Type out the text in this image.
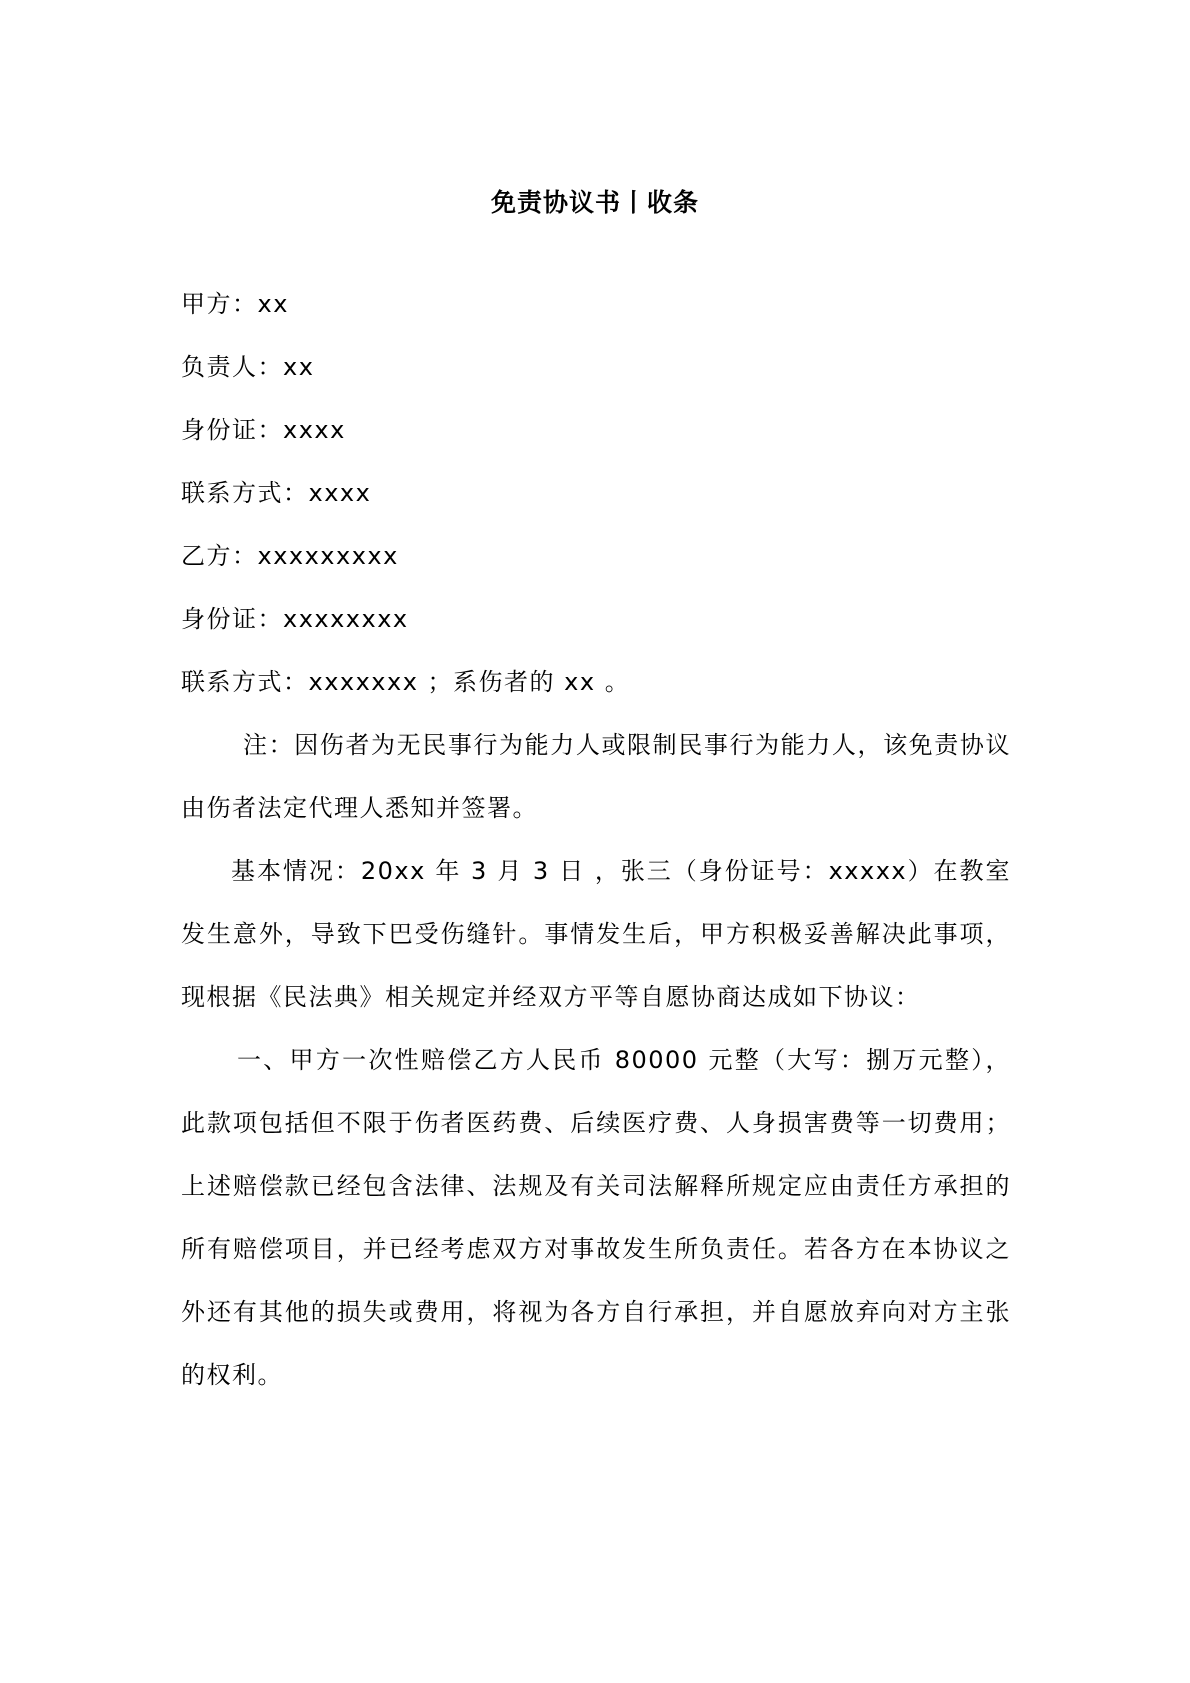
免责协议书丨收条

甲方：xx

负责人：xx

身份证：xxxx

联系方式：xxxx

乙方：xxxxxxxxx

身份证：xxxxxxxx

联系方式：xxxxxxx ；系伤者的 xx 。

注：因伤者为无民事行为能力人或限制民事行为能力人，该免责协议由伤者法定代理人悉知并签署。

基本情况：20xx 年 3 月 3 日 ，张三（身份证号：xxxxx）在教室发生意外，导致下巴受伤缝针。事情发生后，甲方积极妥善解决此事项，现根据《民法典》相关规定并经双方平等自愿协商达成如下协议：

一、甲方一次性赔偿乙方人民币 80000 元整（大写：捌万元整），此款项包括但不限于伤者医药费、后续医疗费、人身损害费等一切费用；上述赔偿款已经包含法律、法规及有关司法解释所规定应由责任方承担的所有赔偿项目，并已经考虑双方对事故发生所负责任。若各方在本协议之外还有其他的损失或费用，将视为各方自行承担，并自愿放弃向对方主张的权利。
